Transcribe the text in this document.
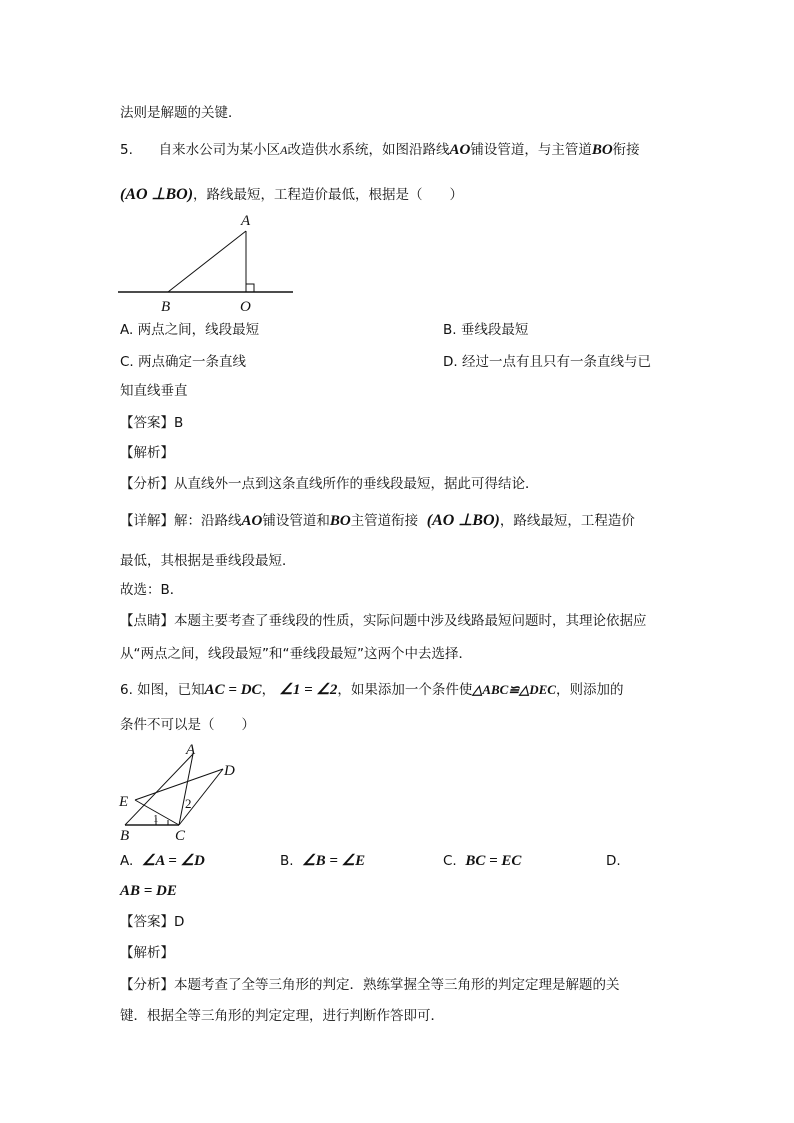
法则是解题的关键．
5. 自来水公司为某小区A改造供水系统，如图沿路线AO铺设管道，与主管道BO衔接
(AO ⊥BO)，路线最短，工程造价最低，根据是（　　）
A
B	O
A. 两点之间，线段最短	B. 垂线段最短
C. 两点确定一条直线	D. 经过一点有且只有一条直线与已
知直线垂直
【答案】B
【解析】
【分析】从直线外一点到这条直线所作的垂线段最短，据此可得结论．
【详解】解：沿路线AO铺设管道和BO主管道衔接 (AO ⊥BO)，路线最短，工程造价
最低，其根据是垂线段最短．
故选：B．
【点睛】本题主要考查了垂线段的性质，实际问题中涉及线路最短问题时，其理论依据应
从“两点之间，线段最短”和“垂线段最短”这两个中去选择．
6. 如图，已知AC = DC， ∠1 = ∠2，如果添加一个条件使△ABC≌△DEC，则添加的
条件不可以是（　　）
A
D
E
B	C
2
1
A. ∠A = ∠D	B. ∠B = ∠E	C. BC = EC	D.
AB = DE
【答案】D
【解析】
【分析】本题考查了全等三角形的判定．熟练掌握全等三角形的判定定理是解题的关
键．根据全等三角形的判定定理，进行判断作答即可．
